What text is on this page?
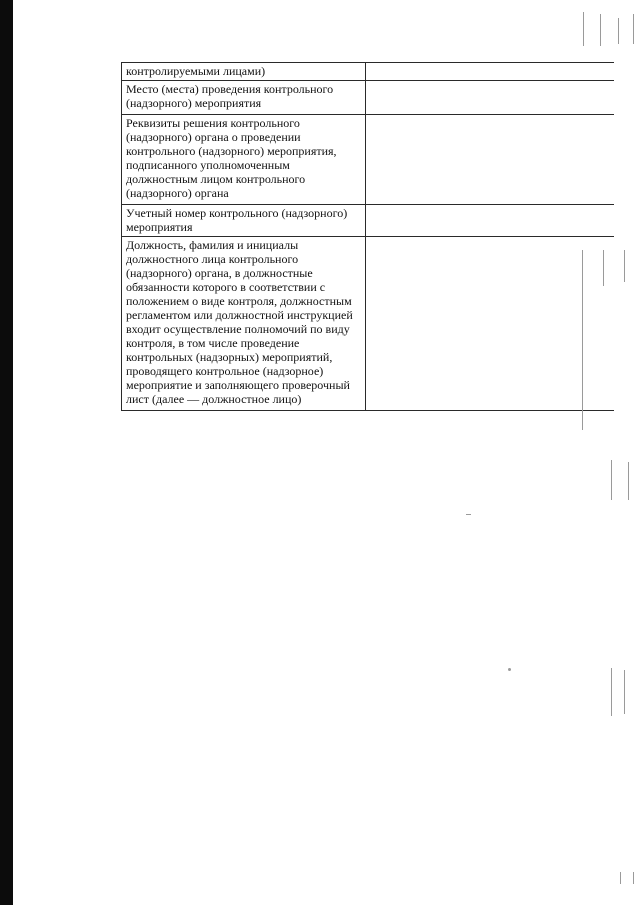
контролируемыми лицами)	
Место (места) проведения контрольного (надзорного) мероприятия	
Реквизиты решения контрольного (надзорного) органа о проведении контрольного (надзорного) мероприятия, подписанного уполномоченным должностным лицом контрольного (надзорного) органа	
Учетный номер контрольного (надзорного) мероприятия	
Должность, фамилия и инициалы должностного лица контрольного (надзорного) органа, в должностные обязанности которого в соответствии с положением о виде контроля, должностным регламентом или должностной инструкцией входит осуществление полномочий по виду контроля, в том числе проведение контрольных (надзорных) мероприятий, проводящего контрольное (надзорное) мероприятие и заполняющего проверочный лист (далее — должностное лицо)	
